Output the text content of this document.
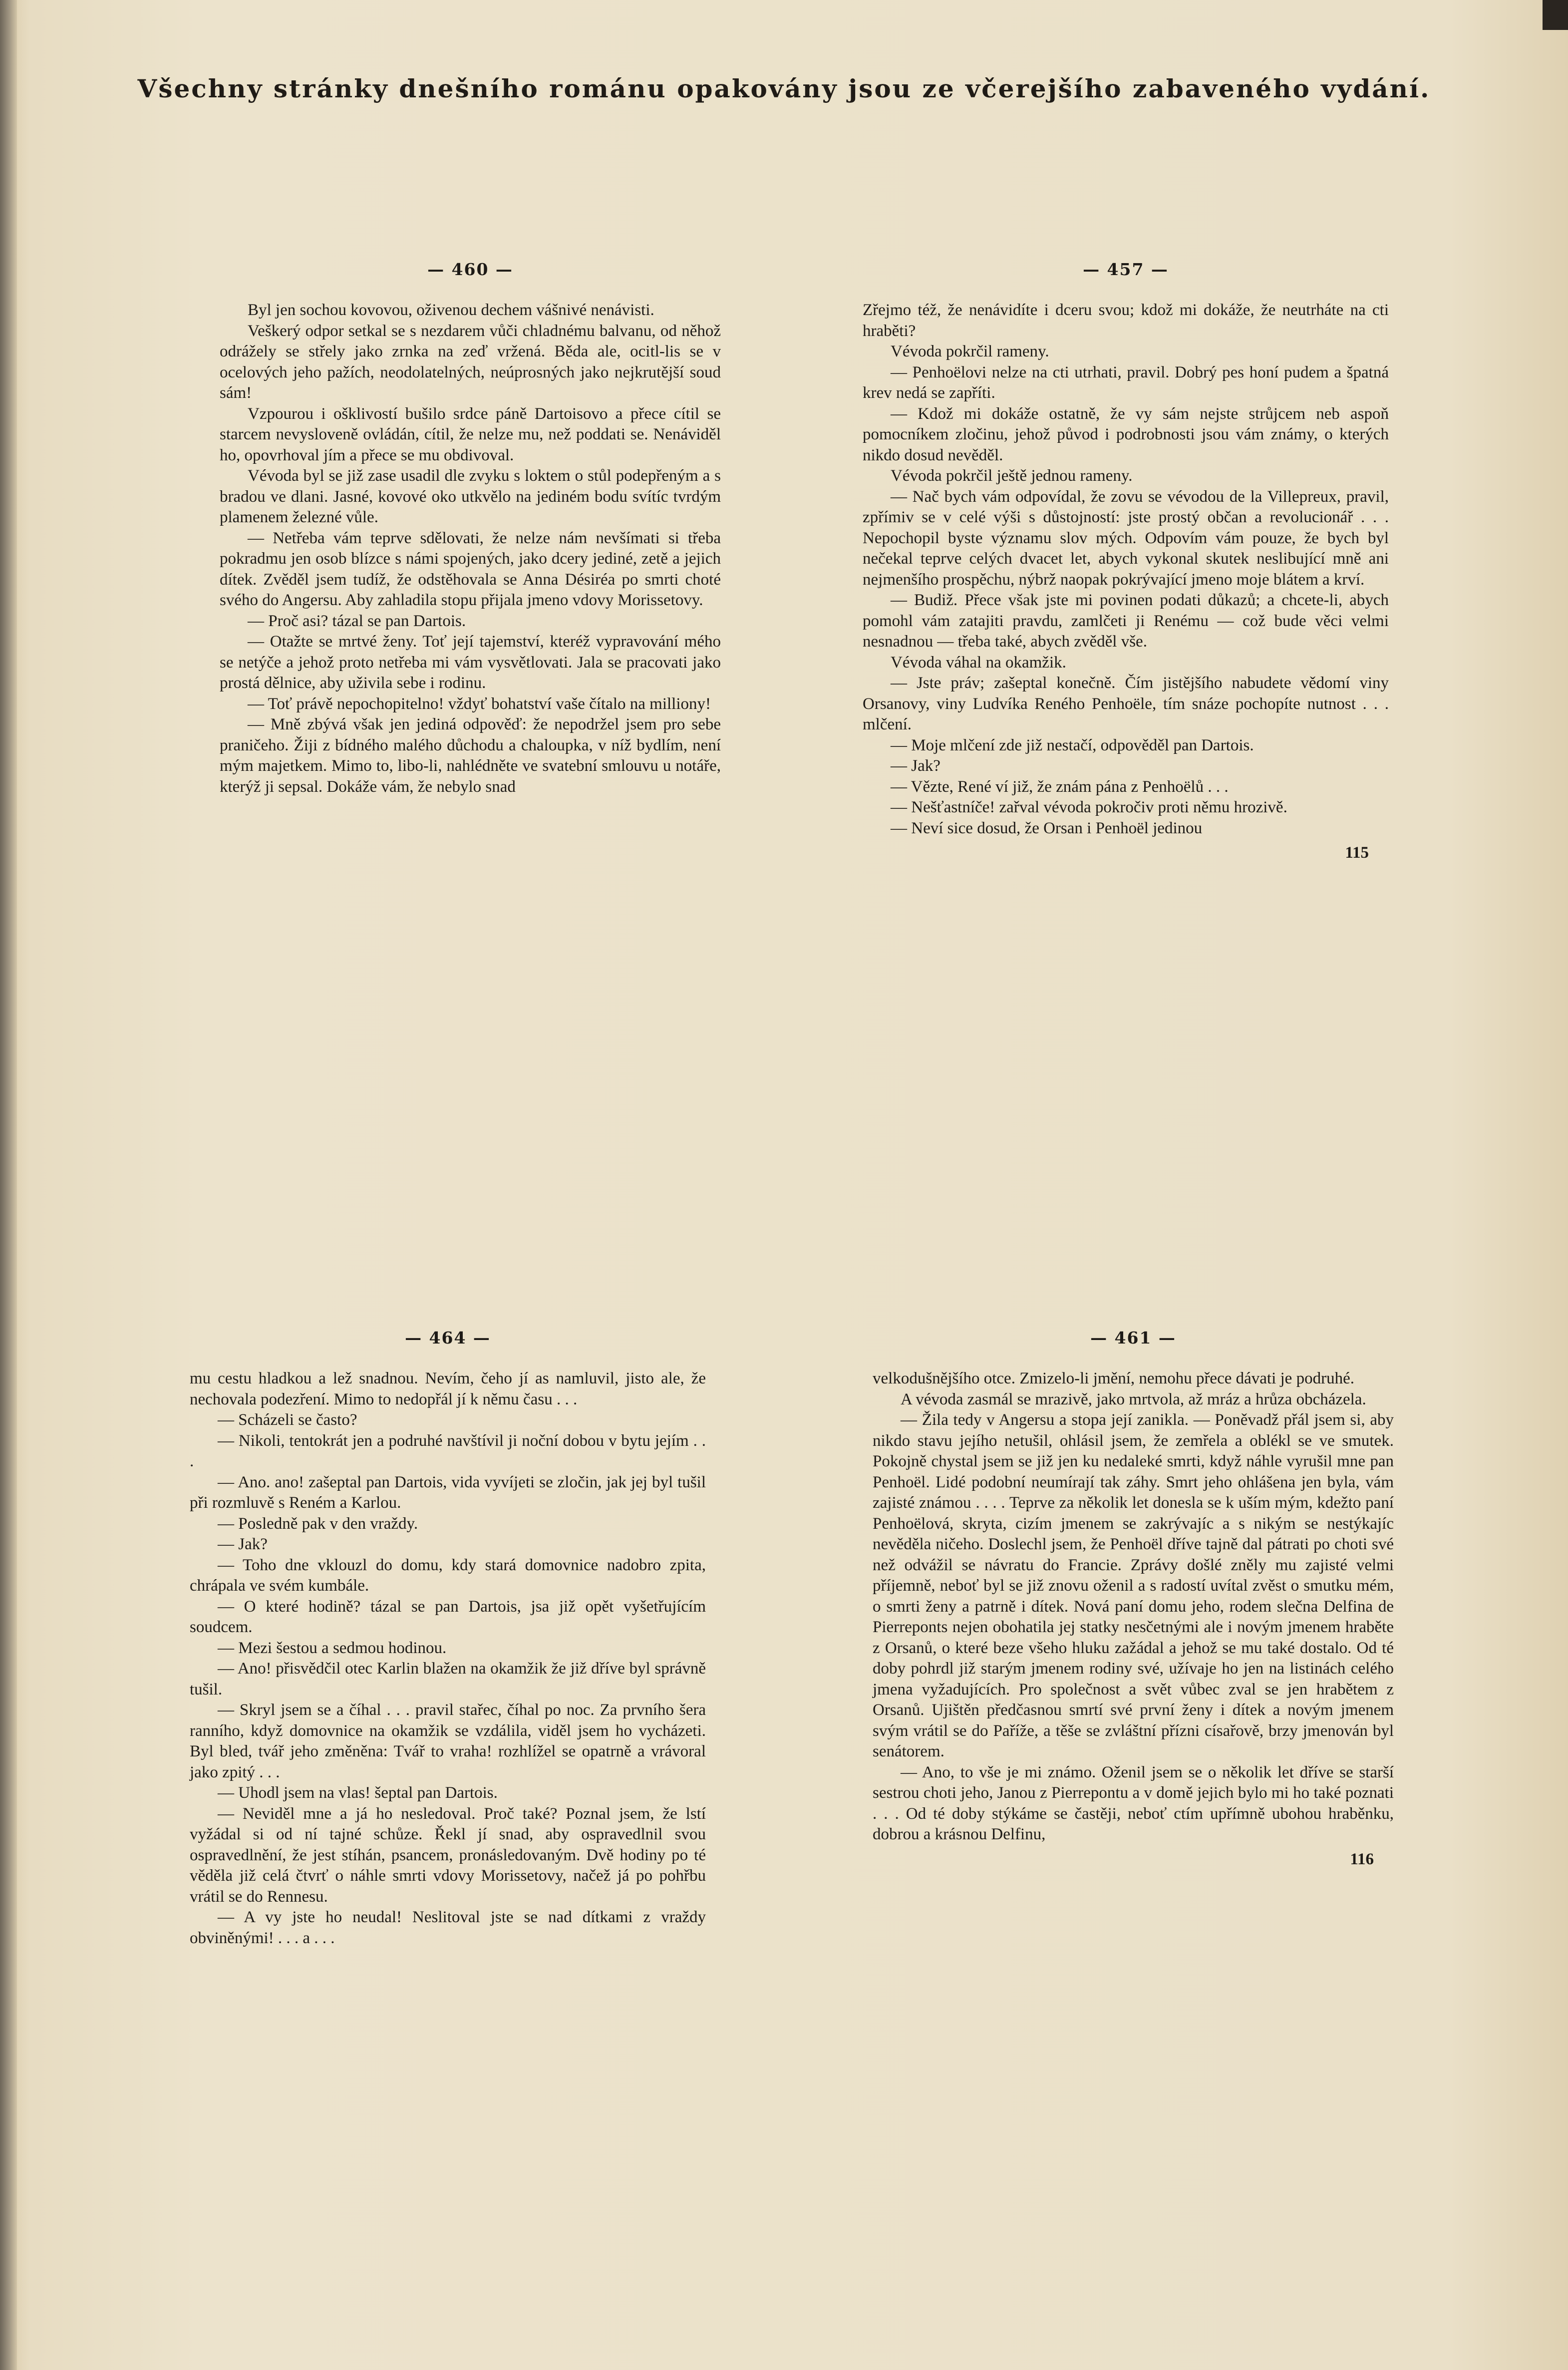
Všechny stránky dnešního románu opakovány jsou ze včerejšího zabaveného vydání.
— 460 —

Byl jen sochou kovovou, oživenou dechem vášnivé nenávisti.

Veškerý odpor setkal se s nezdarem vůči chladnému balvanu, od něhož odrážely se střely jako zrnka na zeď vržená. Běda ale, ocitl-lis se v ocelových jeho pažích, neodolatelných, neúprosných jako nejkrutější soud sám!

Vzpourou i ošklivostí bušilo srdce páně Dartoisovo a přece cítil se starcem nevysloveně ovládán, cítil, že nelze mu, než poddati se. Nenáviděl ho, opovrhoval jím a přece se mu obdivoval.

Vévoda byl se již zase usadil dle zvyku s loktem o stůl podepřeným a s bradou ve dlani. Jasné, kovové oko utkvělo na jediném bodu svítíc tvrdým plamenem železné vůle.

— Netřeba vám teprve sdělovati, že nelze nám nevšímati si třeba pokradmu jen osob blízce s námi spojených, jako dcery jediné, zetě a jejich dítek. Zvěděl jsem tudíž, že odstěhovala se Anna Désiréa po smrti choté svého do Angersu. Aby zahladila stopu přijala jmeno vdovy Morissetovy.

— Proč asi? tázal se pan Dartois.

— Otažte se mrtvé ženy. Toť její tajemství, kteréž vypravování mého se netýče a jehož proto netřeba mi vám vysvětlovati. Jala se pracovati jako prostá dělnice, aby uživila sebe i rodinu.

— Toť právě nepochopitelno! vždyť bohatství vaše čítalo na milliony!

— Mně zbývá však jen jediná odpověď: že nepodržel jsem pro sebe praničeho. Žiji z bídného malého důchodu a chaloupka, v níž bydlím, není mým majetkem. Mimo to, libo-li, nahlédněte ve svatební smlouvu u notáře, kterýž ji sepsal. Dokáže vám, že nebylo snad

— 457 —

Zřejmo též, že nenávidíte i dceru svou; kdož mi dokáže, že neutrháte na cti hraběti?

Vévoda pokrčil rameny.

— Penhoëlovi nelze na cti utrhati, pravil. Dobrý pes honí pudem a špatná krev nedá se zapříti.

— Kdož mi dokáže ostatně, že vy sám nejste strůjcem neb aspoň pomocníkem zločinu, jehož původ i podrobnosti jsou vám známy, o kterých nikdo dosud nevěděl.

Vévoda pokrčil ještě jednou rameny.

— Nač bych vám odpovídal, že zovu se vévodou de la Villepreux, pravil, zpřímiv se v celé výši s důstojností: jste prostý občan a revolucionář . . . Nepochopil byste významu slov mých. Odpovím vám pouze, že bych byl nečekal teprve celých dvacet let, abych vykonal skutek neslibující mně ani nejmenšího prospěchu, nýbrž naopak pokrývající jmeno moje blátem a krví.

— Budiž. Přece však jste mi povinen podati důkazů; a chcete-li, abych pomohl vám zatajiti pravdu, zamlčeti ji Renému — což bude věci velmi nesnadnou — třeba také, abych zvěděl vše.

Vévoda váhal na okamžik.

— Jste práv; zašeptal konečně. Čím jistějšího nabudete vědomí viny Orsanovy, viny Ludvíka Reného Penhoële, tím snáze pochopíte nutnost . . . mlčení.

— Moje mlčení zde již nestačí, odpověděl pan Dartois.

— Jak?

— Vězte, René ví již, že znám pána z Penhoëlů . . .

— Nešťastníče! zařval vévoda pokročiv proti němu hrozivě.

— Neví sice dosud, že Orsan i Penhoël jedinou

115
— 464 —

mu cestu hladkou a lež snadnou. Nevím, čeho jí as namluvil, jisto ale, že nechovala podezření. Mimo to nedopřál jí k němu času . . .

— Scházeli se často?

— Nikoli, tentokrát jen a podruhé navštívil ji noční dobou v bytu jejím . . .

— Ano. ano! zašeptal pan Dartois, vida vyvíjeti se zločin, jak jej byl tušil při rozmluvě s Reném a Karlou.

— Posledně pak v den vraždy.

— Jak?

— Toho dne vklouzl do domu, kdy stará domovnice nadobro zpita, chrápala ve svém kumbále.

— O které hodině? tázal se pan Dartois, jsa již opět vyšetřujícím soudcem.

— Mezi šestou a sedmou hodinou.

— Ano! přisvědčil otec Karlin blažen na okamžik že již dříve byl správně tušil.

— Skryl jsem se a číhal . . . pravil stařec, číhal po noc. Za prvního šera ranního, když domovnice na okamžik se vzdálila, viděl jsem ho vycházeti. Byl bled, tvář jeho změněna: Tvář to vraha! rozhlížel se opatrně a vrávoral jako zpitý . . .

— Uhodl jsem na vlas! šeptal pan Dartois.

— Neviděl mne a já ho nesledoval. Proč také? Poznal jsem, že lstí vyžádal si od ní tajné schůze. Řekl jí snad, aby ospravedlnil svou ospravedlnění, že jest stíhán, psancem, pronásledovaným. Dvě hodiny po té věděla již celá čtvrť o náhle smrti vdovy Morissetovy, načež já po pohřbu vrátil se do Rennesu.

— A vy jste ho neudal! Neslitoval jste se nad dítkami z vraždy obviněnými! . . . a . . .

— 461 —

velkodušnějšího otce. Zmizelo-li jmění, nemohu přece dávati je podruhé.

A vévoda zasmál se mrazivě, jako mrtvola, až mráz a hrůza obcházela.

— Žila tedy v Angersu a stopa její zanikla. — Poněvadž přál jsem si, aby nikdo stavu jejího netušil, ohlásil jsem, že zemřela a oblékl se ve smutek. Pokojně chystal jsem se již jen ku nedaleké smrti, když náhle vyrušil mne pan Penhoël. Lidé podobní neumírají tak záhy. Smrt jeho ohlášena jen byla, vám zajisté známou . . . . Teprve za několik let donesla se k uším mým, kdežto paní Penhoëlová, skryta, cizím jmenem se zakrývajíc a s nikým se nestýkajíc nevěděla ničeho. Doslechl jsem, že Penhoël dříve tajně dal pátrati po choti své než odvážil se návratu do Francie. Zprávy došlé zněly mu zajisté velmi příjemně, neboť byl se již znovu oženil a s radostí uvítal zvěst o smutku mém, o smrti ženy a patrně i dítek. Nová paní domu jeho, rodem slečna Delfina de Pierreponts nejen obohatila jej statky nesčetnými ale i novým jmenem hraběte z Orsanů, o které beze všeho hluku zažádal a jehož se mu také dostalo. Od té doby pohrdl již starým jmenem rodiny své, užívaje ho jen na listinách celého jmena vyžadujících. Pro společnost a svět vůbec zval se jen hrabětem z Orsanů. Ujištěn předčasnou smrtí své první ženy i dítek a novým jmenem svým vrátil se do Paříže, a těše se zvláštní přízni císařově, brzy jmenován byl senátorem.

— Ano, to vše je mi známo. Oženil jsem se o několik let dříve se starší sestrou choti jeho, Janou z Pierrepontu a v domě jejich bylo mi ho také poznati . . . Od té doby stýkáme se častěji, neboť ctím upřímně ubohou hraběnku, dobrou a krásnou Delfinu,

116
